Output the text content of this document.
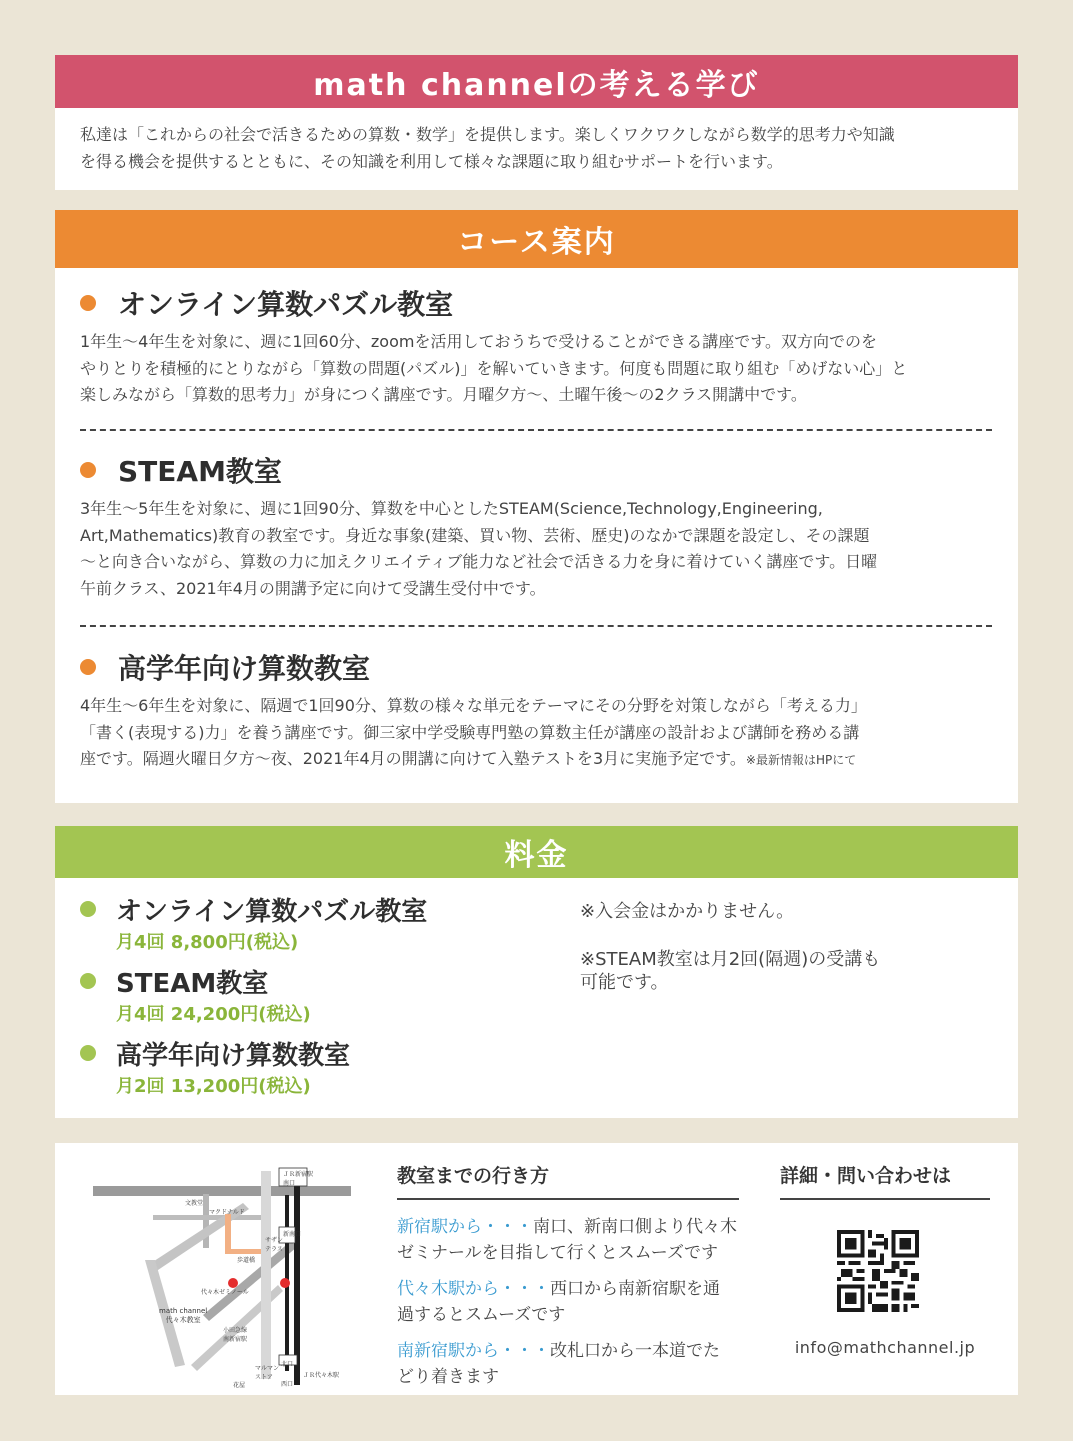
math channelの考える学び
私達は「これからの社会で活きるための算数・数学」を提供します。楽しくワクワクしながら数学的思考力や知識
を得る機会を提供するとともに、その知識を利用して様々な課題に取り組むサポートを行います。
コース案内
オンライン算数パズル教室
1年生～4年生を対象に、週に1回60分、zoomを活用しておうちで受けることができる講座です。双方向でのを
やりとりを積極的にとりながら「算数の問題(パズル)」を解いていきます。何度も問題に取り組む「めげない心」と
楽しみながら「算数的思考力」が身につく講座です。月曜夕方～、土曜午後～の2クラス開講中です。
STEAM教室
3年生～5年生を対象に、週に1回90分、算数を中心としたSTEAM(Science,Technology,Engineering,
Art,Mathematics)教育の教室です。身近な事象(建築、買い物、芸術、歴史)のなかで課題を設定し、その課題
～と向き合いながら、算数の力に加えクリエイティブ能力など社会で活きる力を身に着けていく講座です。日曜
午前クラス、2021年4月の開講予定に向けて受講生受付中です。
高学年向け算数教室
4年生～6年生を対象に、隔週で1回90分、算数の様々な単元をテーマにその分野を対策しながら「考える力」
「書く(表現する)力」を養う講座です。御三家中学受験専門塾の算数主任が講座の設計および講師を務める講
座です。隔週火曜日夕方～夜、2021年4月の開講に向けて入塾テストを3月に実施予定です。※最新情報はHPにて
料金
オンライン算数パズル教室
月4回 8,800円(税込)
STEAM教室
月4回 24,200円(税込)
高学年向け算数教室
月2回 13,200円(税込)
※入会金はかかりません。
※STEAM教室は月2回(隔週)の受講も
可能です。
ＪＲ新宿駅
南口
文教堂
マクドナルド
新南口
サザン
テラス
歩道橋
代々木ゼミノール
math channel
代々木教室
小田急線
南新宿駅
マルマン
ストア
北口
ＪＲ代々木駅
西口
花屋
教室までの行き方
新宿駅から・・・南口、新南口側より代々木
ゼミナールを目指して行くとスムーズです
代々木駅から・・・西口から南新宿駅を通
過するとスムーズです
南新宿駅から・・・改札口から一本道でた
どり着きます
詳細・問い合わせは
info@mathchannel.jp
